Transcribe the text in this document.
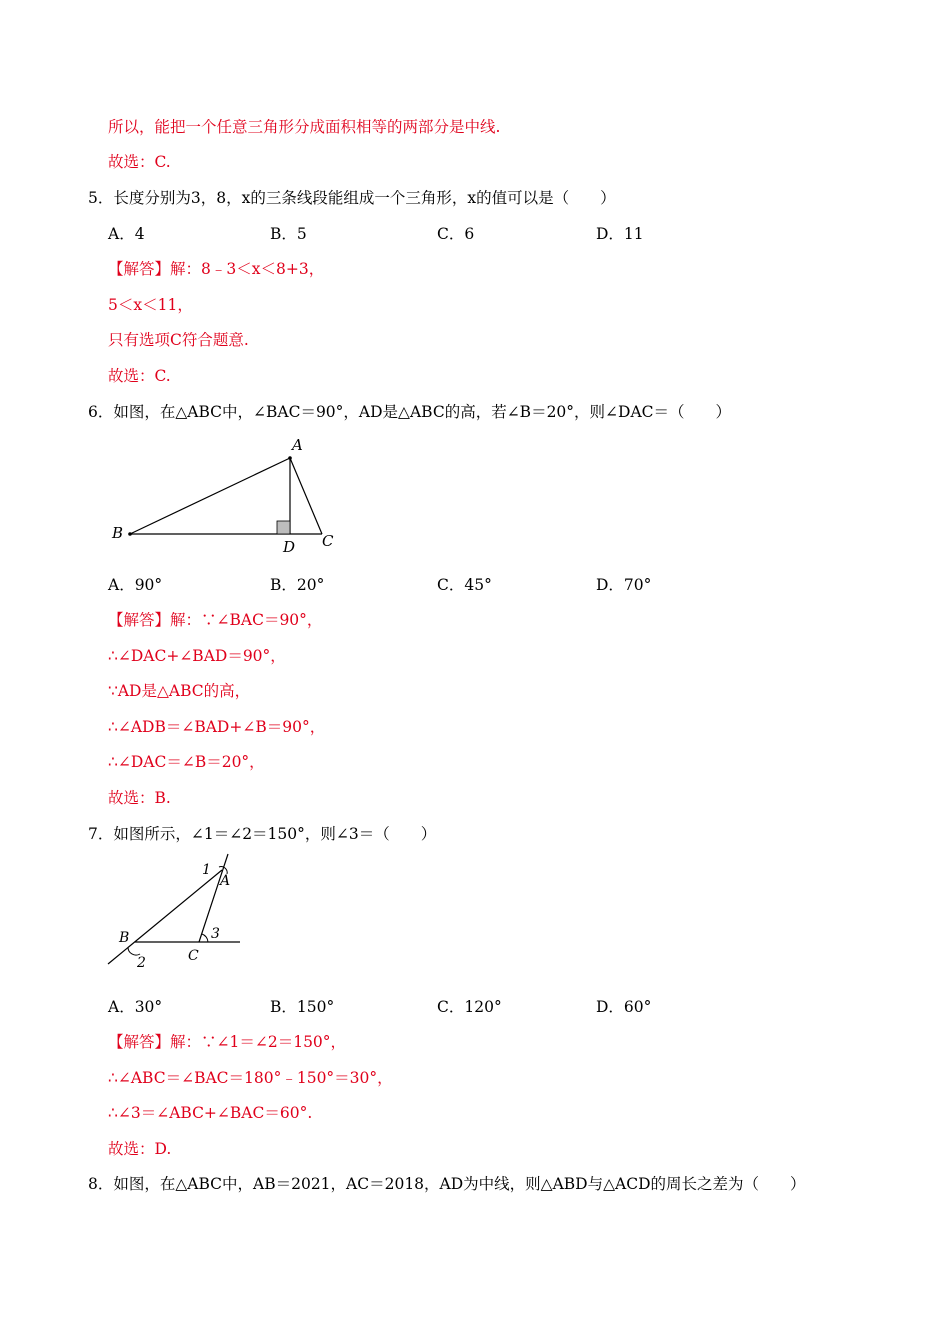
所以，能把一个任意三角形分成面积相等的两部分是中线.
故选：C.
5．长度分别为3，8，x的三条线段能组成一个三角形，x的值可以是（　　）
A．4	B．5	C．6	D．11
【解答】解：8﹣3＜x＜8+3，
5＜x＜11，
只有选项C符合题意.
故选：C.
6．如图，在△ABC中，∠BAC＝90°，AD是△ABC的高，若∠B＝20°，则∠DAC＝（　　）
A
B	C
D
A．90°	B．20°	C．45°	D．70°
【解答】解：∵∠BAC＝90°，
∴∠DAC+∠BAD＝90°，
∵AD是△ABC的高，
∴∠ADB＝∠BAD+∠B＝90°，
∴∠DAC＝∠B＝20°，
故选：B.
7．如图所示，∠1＝∠2＝150°，则∠3＝（　　）
1
A
B
2	C
3
A．30°	B．150°	C．120°	D．60°
【解答】解：∵∠1＝∠2＝150°，
∴∠ABC＝∠BAC＝180°﹣150°＝30°，
∴∠3＝∠ABC+∠BAC＝60°.
故选：D.
8．如图，在△ABC中，AB＝2021，AC＝2018，AD为中线，则△ABD与△ACD的周长之差为（　　）
